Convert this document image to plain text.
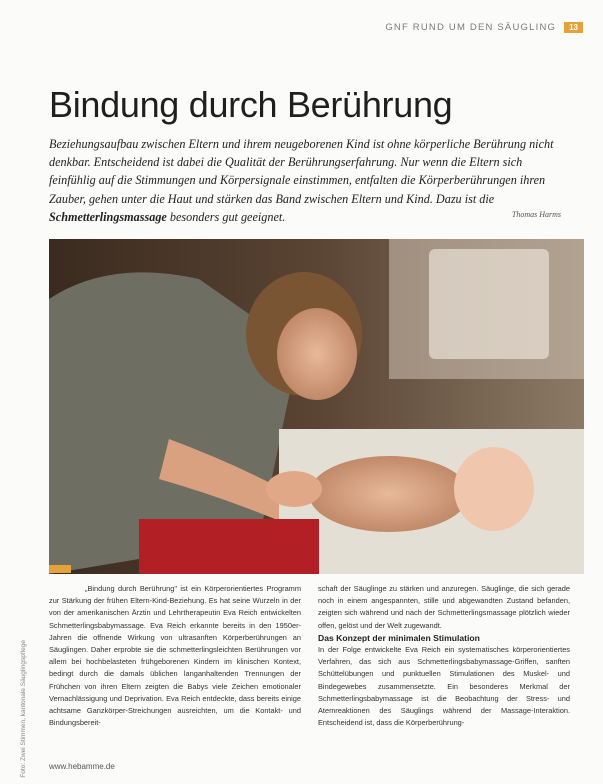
GNF RUND UM DEN SÄUGLING	13
Bindung durch Berührung
Beziehungsaufbau zwischen Eltern und ihrem neugeborenen Kind ist ohne körperliche Berührung nicht denkbar. Entscheidend ist dabei die Qualität der Berührungserfahrung. Nur wenn die Eltern sich feinfühlig auf die Stimmungen und Körpersignale einstimmen, entfalten die Körperberührungen ihren Zauber, gehen unter die Haut und stärken das Band zwischen Eltern und Kind. Dazu ist die Schmetterlingsmassage besonders gut geeignet.	Thomas Harms

„Bindung durch Berührung" ist ein Körperorientiertes Programm zur Stärkung der frühen Eltern-Kind-Beziehung. Es hat seine Wurzeln in der von der amerikanischen Ärztin und Lehrtherapeutin Eva Reich entwickelten Schmetterlingsbabymassage. Eva Reich erkannte bereits in den 1950er-Jahren die offnende Wirkung von ultrasanften Körperberührungen an Säuglingen. Daher erprobte sie die schmetterlingsleichten Berührungen vor allem bei hochbelasteten frühgeborenen Kindern im klinischen Kontext, bedingt durch die damals üblichen langanhaltenden Trennungen der Frühchen von ihren Eltern zeigten die Babys viele Zeichen emotionaler Vernachlässigung und Deprivation. Eva Reich entdeckte, dass bereits einige achtsame Ganzkörper-Streichungen ausreichten, um die Kontakt- und Bindungsbereit-

schaft der Säuglinge zu stärken und anzuregen. Säuglinge, die sich gerade noch in einem angespannten, stille und abgewandten Zustand befanden, zeigten sich während und nach der Schmetterlingsmassage plötzlich wieder offen, gelöst und der Welt zugewandt.

Das Konzept der minimalen Stimulation

In der Folge entwickelte Eva Reich ein systematisches körperorientiertes Verfahren, das sich aus Schmetterlingsbabymassage-Griffen, sanften Schüttelübungen und punktuellen Stimulationen des Muskel- und Bindegewebes zusammensetzte. Ein besonderes Merkmal der Schmetterlingsbabymassage ist die Beobachtung der Stress- und Atemreaktionen des Säuglings während der Massage-Interaktion. Entscheidend ist, dass die Körperberührung-

Foto: Zwei Stimmen, kantonale Säuglingspflege	www.hebamme.de
